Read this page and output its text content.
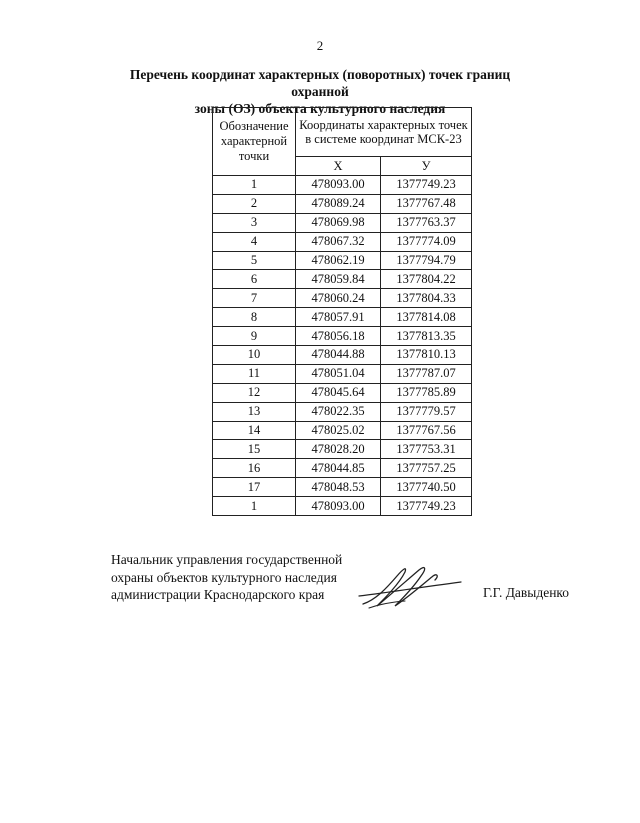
2
Перечень координат характерных (поворотных) точек границ охранной
зоны (ОЗ) объекта культурного наследия
Обозначение характерной точки	Координаты характерных точек в системе координат МСК-23	
	Х	У
1	478093.00	1377749.23
2	478089.24	1377767.48
3	478069.98	1377763.37
4	478067.32	1377774.09
5	478062.19	1377794.79
6	478059.84	1377804.22
7	478060.24	1377804.33
8	478057.91	1377814.08
9	478056.18	1377813.35
10	478044.88	1377810.13
11	478051.04	1377787.07
12	478045.64	1377785.89
13	478022.35	1377779.57
14	478025.02	1377767.56
15	478028.20	1377753.31
16	478044.85	1377757.25
17	478048.53	1377740.50
1	478093.00	1377749.23
Начальник управления государственной
охраны объектов культурного наследия
администрации Краснодарского края	Г.Г. Давыденко
